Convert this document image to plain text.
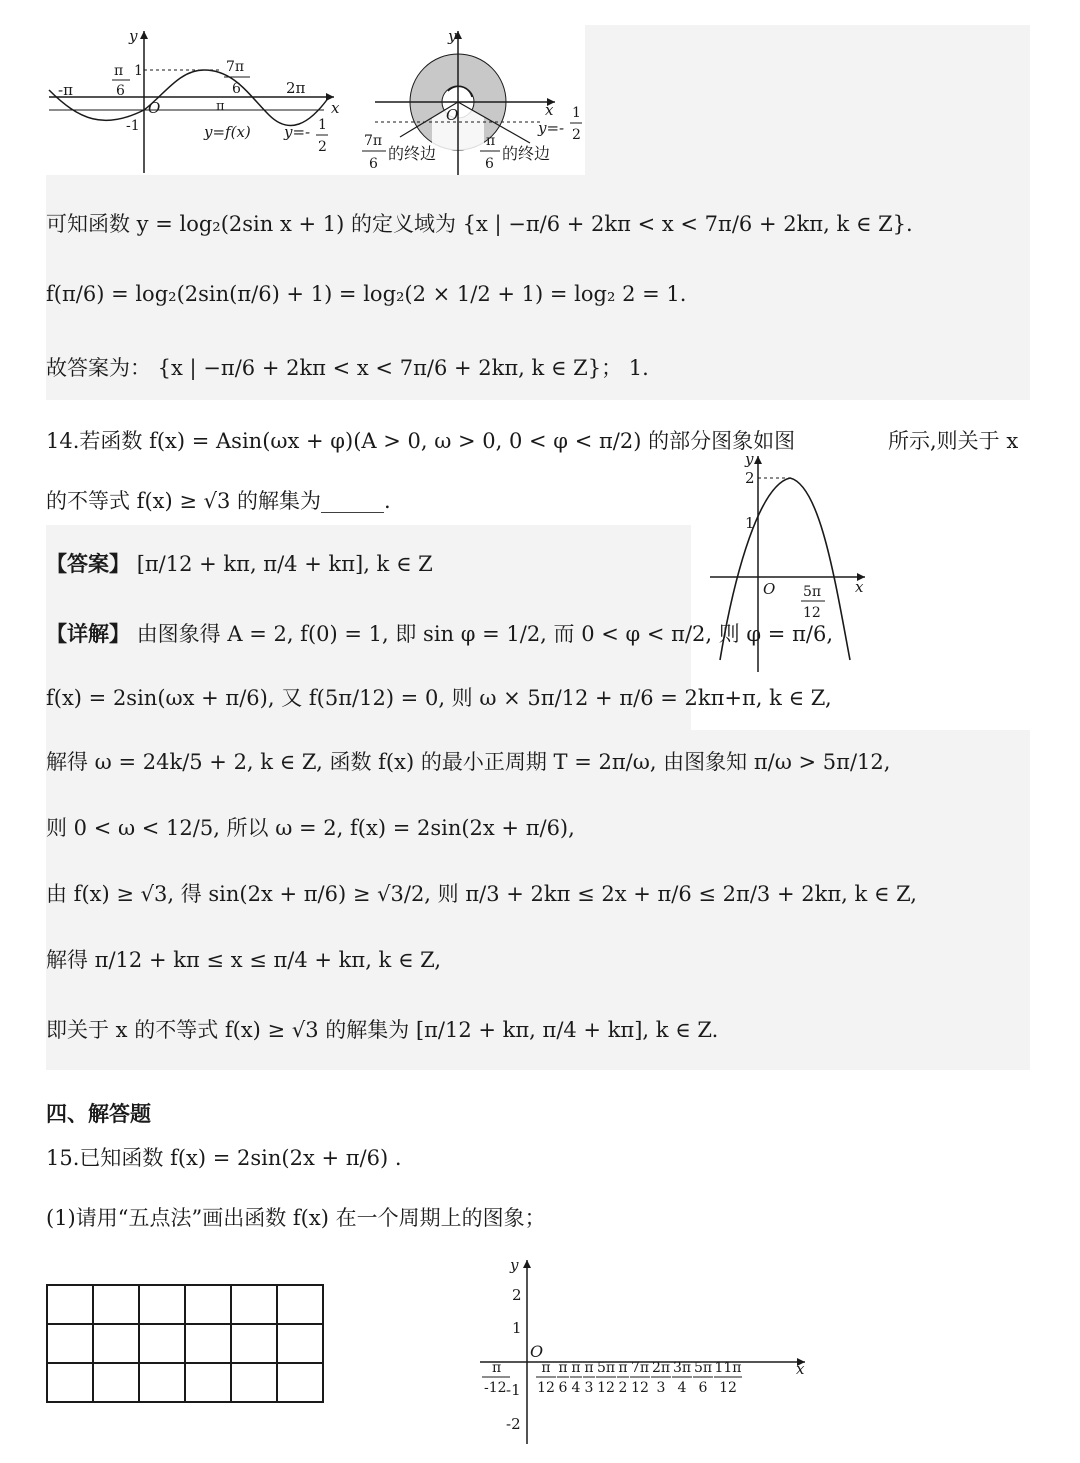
y
x
O
-π
π
6
1	7π
6	2π
-1
π
y=f(x) y=- 1
2
y
x
O
y=-
1
2
7π
6
的终边
π
6
的终边
可知函数 y = log₂(2sin x + 1) 的定义域为 {x | −π/6 + 2kπ < x < 7π/6 + 2kπ, k ∈ Z}.
f(π/6) = log₂(2sin(π/6) + 1) = log₂(2 × 1/2 + 1) = log₂ 2 = 1.
故答案为： {x | −π/6 + 2kπ < x < 7π/6 + 2kπ, k ∈ Z}； 1.
14.若函数 f(x) = Asin(ωx + φ)(A > 0, ω > 0, 0 < φ < π/2) 的部分图象如图	所示,则关于 x
的不等式 f(x) ≥ √3 的解集为______.
y
x
O
2
1
5π
12
【答案】 [π/12 + kπ, π/4 + kπ], k ∈ Z
【详解】 由图象得 A = 2, f(0) = 1, 即 sin φ = 1/2, 而 0 < φ < π/2, 则 φ = π/6,
f(x) = 2sin(ωx + π/6), 又 f(5π/12) = 0, 则 ω × 5π/12 + π/6 = 2kπ+π, k ∈ Z,
解得 ω = 24k/5 + 2, k ∈ Z, 函数 f(x) 的最小正周期 T = 2π/ω, 由图象知 π/ω > 5π/12,
则 0 < ω < 12/5, 所以 ω = 2, f(x) = 2sin(2x + π/6),
由 f(x) ≥ √3, 得 sin(2x + π/6) ≥ √3/2, 则 π/3 + 2kπ ≤ 2x + π/6 ≤ 2π/3 + 2kπ, k ∈ Z,
解得 π/12 + kπ ≤ x ≤ π/4 + kπ, k ∈ Z,
即关于 x 的不等式 f(x) ≥ √3 的解集为 [π/12 + kπ, π/4 + kπ], k ∈ Z.
四、解答题
15.已知函数 f(x) = 2sin(2x + π/6) .
(1)请用“五点法”画出函数 f(x) 在一个周期上的图象；

y
x
O
2
1
-1
-2
π
-12
π
12
π
6
π
4
π
3
5π
12
π
2
7π
12
2π
3
3π
4
5π
6
11π
12
